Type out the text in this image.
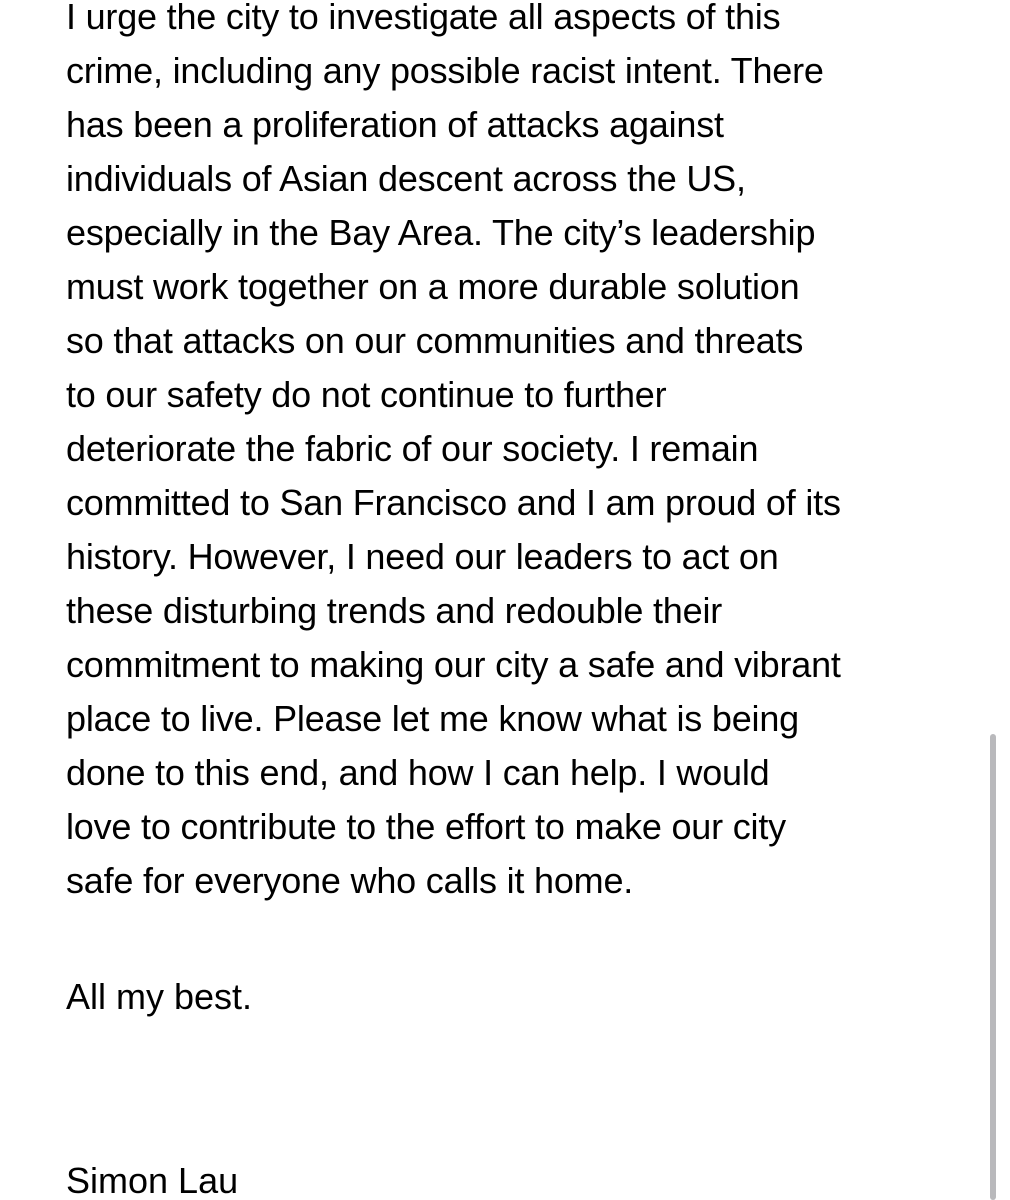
I urge the city to investigate all aspects of this
crime, including any possible racist intent. There
has been a proliferation of attacks against
individuals of Asian descent across the US,
especially in the Bay Area. The city’s leadership
must work together on a more durable solution
so that attacks on our communities and threats
to our safety do not continue to further
deteriorate the fabric of our society. I remain
committed to San Francisco and I am proud of its
history. However, I need our leaders to act on
these disturbing trends and redouble their
commitment to making our city a safe and vibrant
place to live. Please let me know what is being
done to this end, and how I can help. I would
love to contribute to the effort to make our city
safe for everyone who calls it home.
All my best.
Simon Lau
